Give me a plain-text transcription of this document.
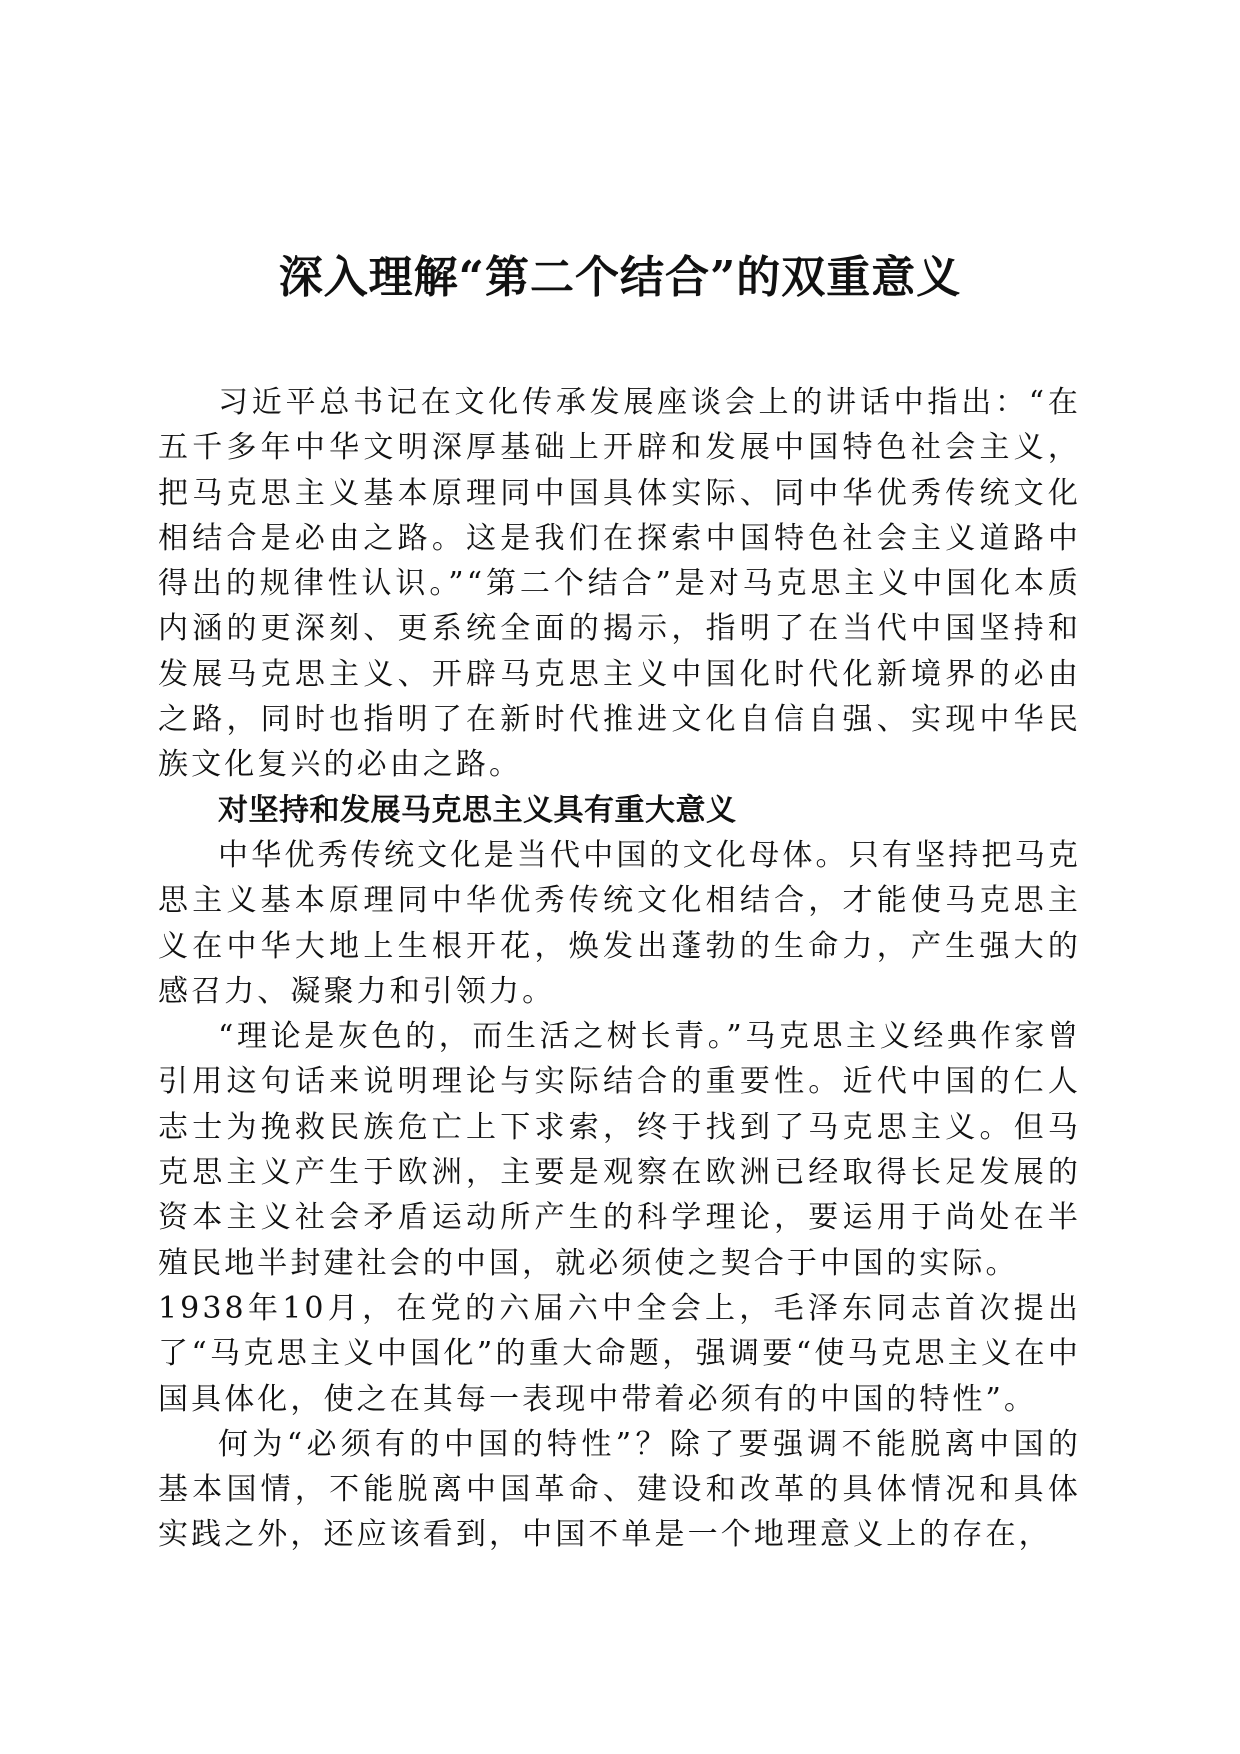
深入理解“第二个结合”的双重意义

习近平总书记在文化传承发展座谈会上的讲话中指出：“在五千多年中华文明深厚基础上开辟和发展中国特色社会主义，把马克思主义基本原理同中国具体实际、同中华优秀传统文化相结合是必由之路。这是我们在探索中国特色社会主义道路中得出的规律性认识。”“第二个结合”是对马克思主义中国化本质内涵的更深刻、更系统全面的揭示，指明了在当代中国坚持和发展马克思主义、开辟马克思主义中国化时代化新境界的必由之路，同时也指明了在新时代推进文化自信自强、实现中华民族文化复兴的必由之路。

对坚持和发展马克思主义具有重大意义

中华优秀传统文化是当代中国的文化母体。只有坚持把马克思主义基本原理同中华优秀传统文化相结合，才能使马克思主义在中华大地上生根开花，焕发出蓬勃的生命力，产生强大的感召力、凝聚力和引领力。

“理论是灰色的，而生活之树长青。”马克思主义经典作家曾引用这句话来说明理论与实际结合的重要性。近代中国的仁人志士为挽救民族危亡上下求索，终于找到了马克思主义。但马克思主义产生于欧洲，主要是观察在欧洲已经取得长足发展的资本主义社会矛盾运动所产生的科学理论，要运用于尚处在半殖民地半封建社会的中国，就必须使之契合于中国的实际。

1938年10月，在党的六届六中全会上，毛泽东同志首次提出了“马克思主义中国化”的重大命题，强调要“使马克思主义在中国具体化，使之在其每一表现中带着必须有的中国的特性”。

何为“必须有的中国的特性”？除了要强调不能脱离中国的基本国情，不能脱离中国革命、建设和改革的具体情况和具体实践之外，还应该看到，中国不单是一个地理意义上的存在，
